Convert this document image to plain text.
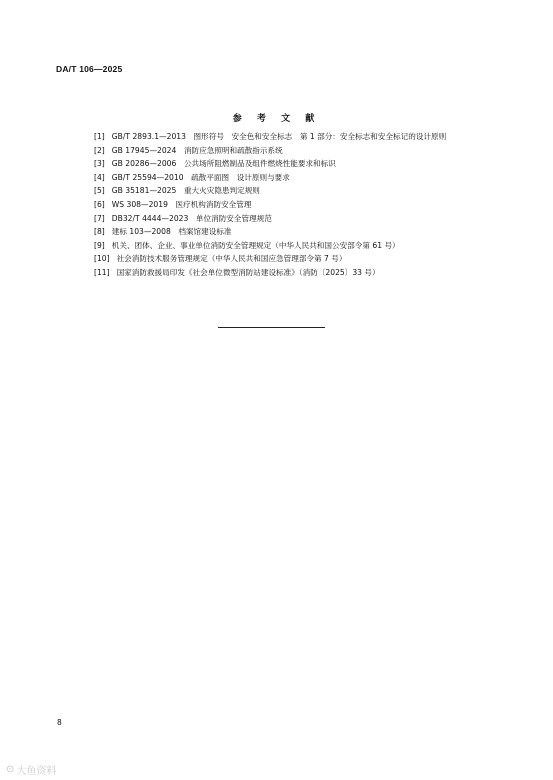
DA/T 106—2025
参 考 文 献
[1] GB/T 2893.1—2013　图形符号　安全色和安全标志　第 1 部分：安全标志和安全标记的设计原则
[2] GB 17945—2024　消防应急照明和疏散指示系统
[3] GB 20286—2006　公共场所阻燃制品及组件燃烧性能要求和标识
[4] GB/T 25594—2010　疏散平面图　设计原则与要求
[5] GB 35181—2025　重大火灾隐患判定规则
[6] WS 308—2019　医疗机构消防安全管理
[7] DB32/T 4444—2023　单位消防安全管理规范
[8] 建标 103—2008　档案馆建设标准
[9] 机关、团体、企业、事业单位消防安全管理规定（中华人民共和国公安部令第 61 号）
[10] 社会消防技术服务管理规定（中华人民共和国应急管理部令第 7 号）
[11] 国家消防救援局印发《社会单位微型消防站建设标准》（消防〔2025〕33 号）
8
⊙ 大鱼资料
